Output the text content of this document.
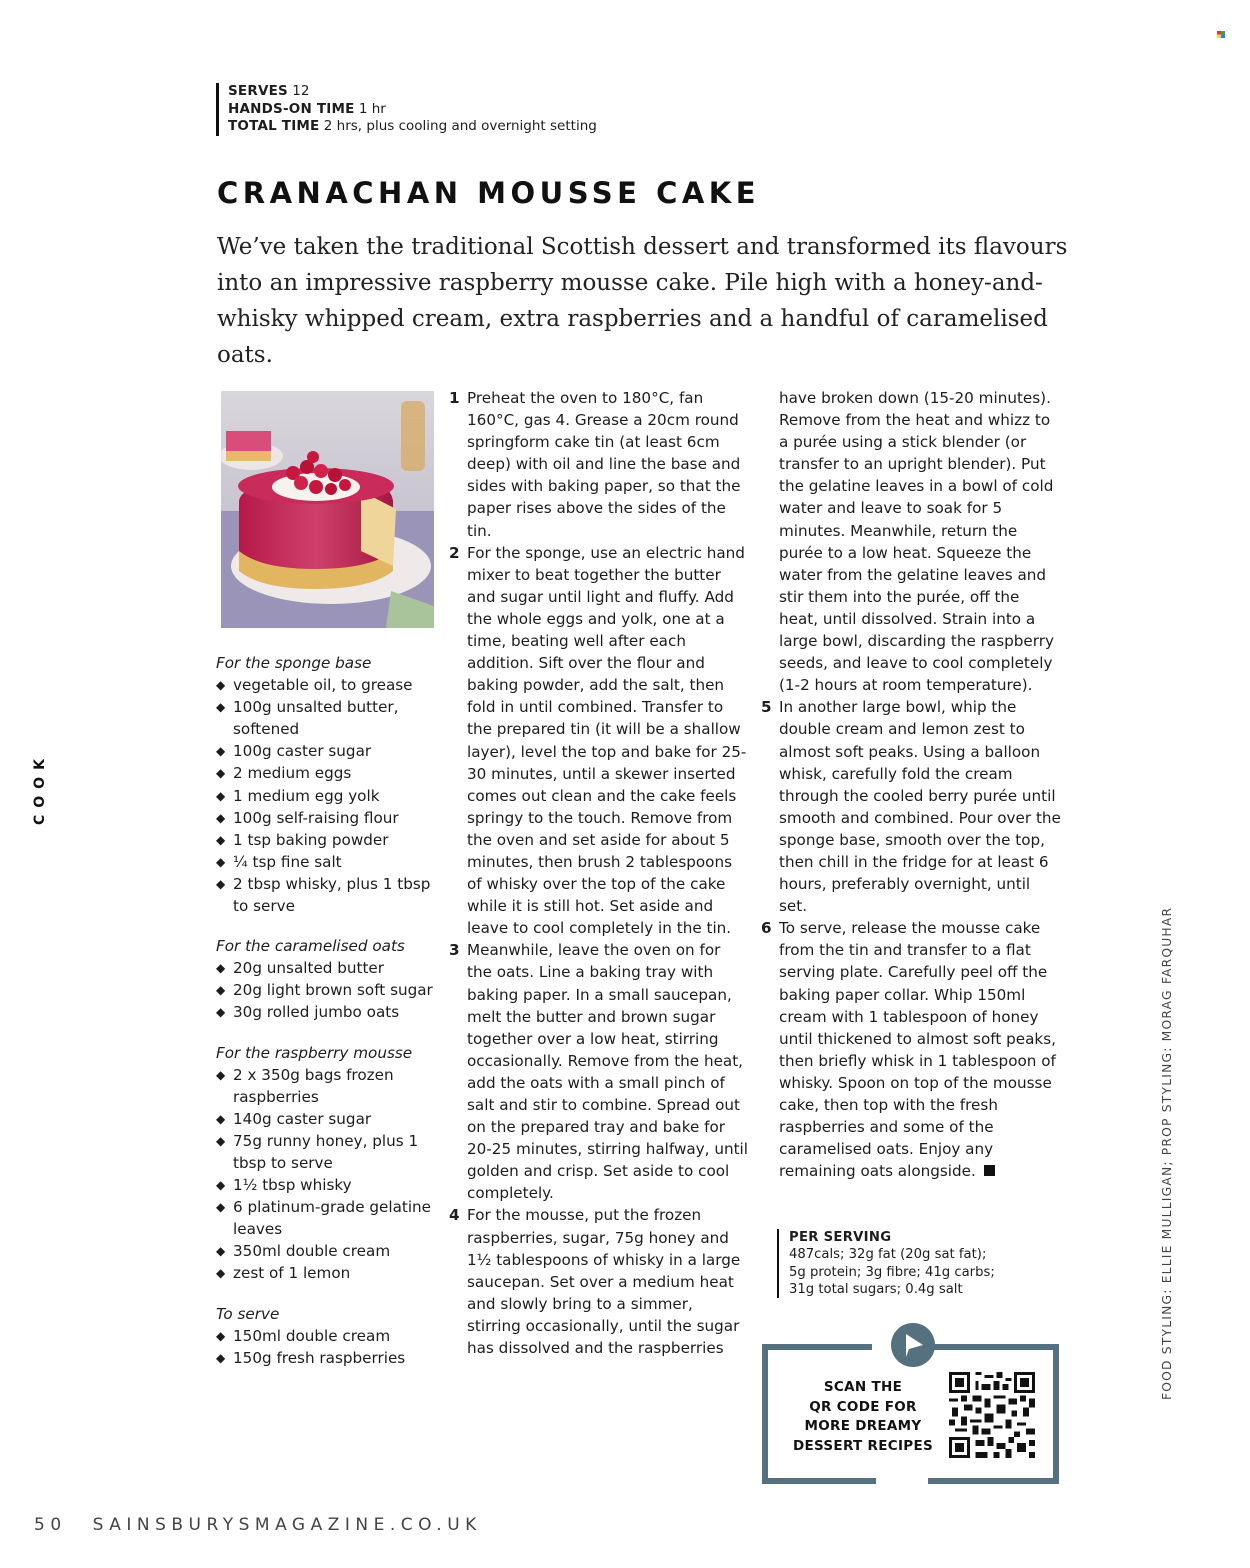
SERVES 12
HANDS-ON TIME 1 hr
TOTAL TIME 2 hrs, plus cooling and overnight setting
CRANACHAN MOUSSE CAKE

We’ve taken the traditional Scottish dessert and transformed its flavours into an impressive raspberry mousse cake. Pile high with a honey-and-whisky whipped cream, extra raspberries and a handful of caramelised oats.

For the sponge base

◆ vegetable oil, to grease
◆ 100g unsalted butter, softened
◆ 100g caster sugar
◆ 2 medium eggs
◆ 1 medium egg yolk
◆ 100g self-raising flour
◆ 1 tsp baking powder
◆ ¼ tsp fine salt
◆ 2 tbsp whisky, plus 1 tbsp to serve

For the caramelised oats

◆ 20g unsalted butter
◆ 20g light brown soft sugar
◆ 30g rolled jumbo oats

For the raspberry mousse

◆ 2 x 350g bags frozen raspberries
◆ 140g caster sugar
◆ 75g runny honey, plus 1 tbsp to serve
◆ 1½ tbsp whisky
◆ 6 platinum-grade gelatine leaves
◆ 350ml double cream
◆ zest of 1 lemon

To serve

◆ 150ml double cream
◆ 150g fresh raspberries

1 Preheat the oven to 180°C, fan 160°C, gas 4. Grease a 20cm round springform cake tin (at least 6cm deep) with oil and line the base and sides with baking paper, so that the paper rises above the sides of the tin.

2 For the sponge, use an electric hand mixer to beat together the butter and sugar until light and fluffy. Add the whole eggs and yolk, one at a time, beating well after each addition. Sift over the flour and baking powder, add the salt, then fold in until combined. Transfer to the prepared tin (it will be a shallow layer), level the top and bake for 25-30 minutes, until a skewer inserted comes out clean and the cake feels springy to the touch. Remove from the oven and set aside for about 5 minutes, then brush 2 tablespoons of whisky over the top of the cake while it is still hot. Set aside and leave to cool completely in the tin.

3 Meanwhile, leave the oven on for the oats. Line a baking tray with baking paper. In a small saucepan, melt the butter and brown sugar together over a low heat, stirring occasionally. Remove from the heat, add the oats with a small pinch of salt and stir to combine. Spread out on the prepared tray and bake for 20-25 minutes, stirring halfway, until golden and crisp. Set aside to cool completely.

4 For the mousse, put the frozen raspberries, sugar, 75g honey and 1½ tablespoons of whisky in a large saucepan. Set over a medium heat and slowly bring to a simmer, stirring occasionally, until the sugar has dissolved and the raspberries

have broken down (15-20 minutes). Remove from the heat and whizz to a purée using a stick blender (or transfer to an upright blender). Put the gelatine leaves in a bowl of cold water and leave to soak for 5 minutes. Meanwhile, return the purée to a low heat. Squeeze the water from the gelatine leaves and stir them into the purée, off the heat, until dissolved. Strain into a large bowl, discarding the raspberry seeds, and leave to cool completely (1-2 hours at room temperature).

5 In another large bowl, whip the double cream and lemon zest to almost soft peaks. Using a balloon whisk, carefully fold the cream through the cooled berry purée until smooth and combined. Pour over the sponge base, smooth over the top, then chill in the fridge for at least 6 hours, preferably overnight, until set.

6 To serve, release the mousse cake from the tin and transfer to a flat serving plate. Carefully peel off the baking paper collar. Whip 150ml cream with 1 tablespoon of honey until thickened to almost soft peaks, then briefly whisk in 1 tablespoon of whisky. Spoon on top of the mousse cake, then top with the fresh raspberries and some of the caramelised oats. Enjoy any remaining oats alongside.

PER SERVING
487cals; 32g fat (20g sat fat);
5g protein; 3g fibre; 41g carbs;
31g total sugars; 0.4g salt
SCAN THE
QR CODE FOR
MORE DREAMY
DESSERT RECIPES
COOK
FOOD STYLING: ELLIE MULLIGAN; PROP STYLING: MORAG FARQUHAR
50 SAINSBURYSMAGAZINE.CO.UK
